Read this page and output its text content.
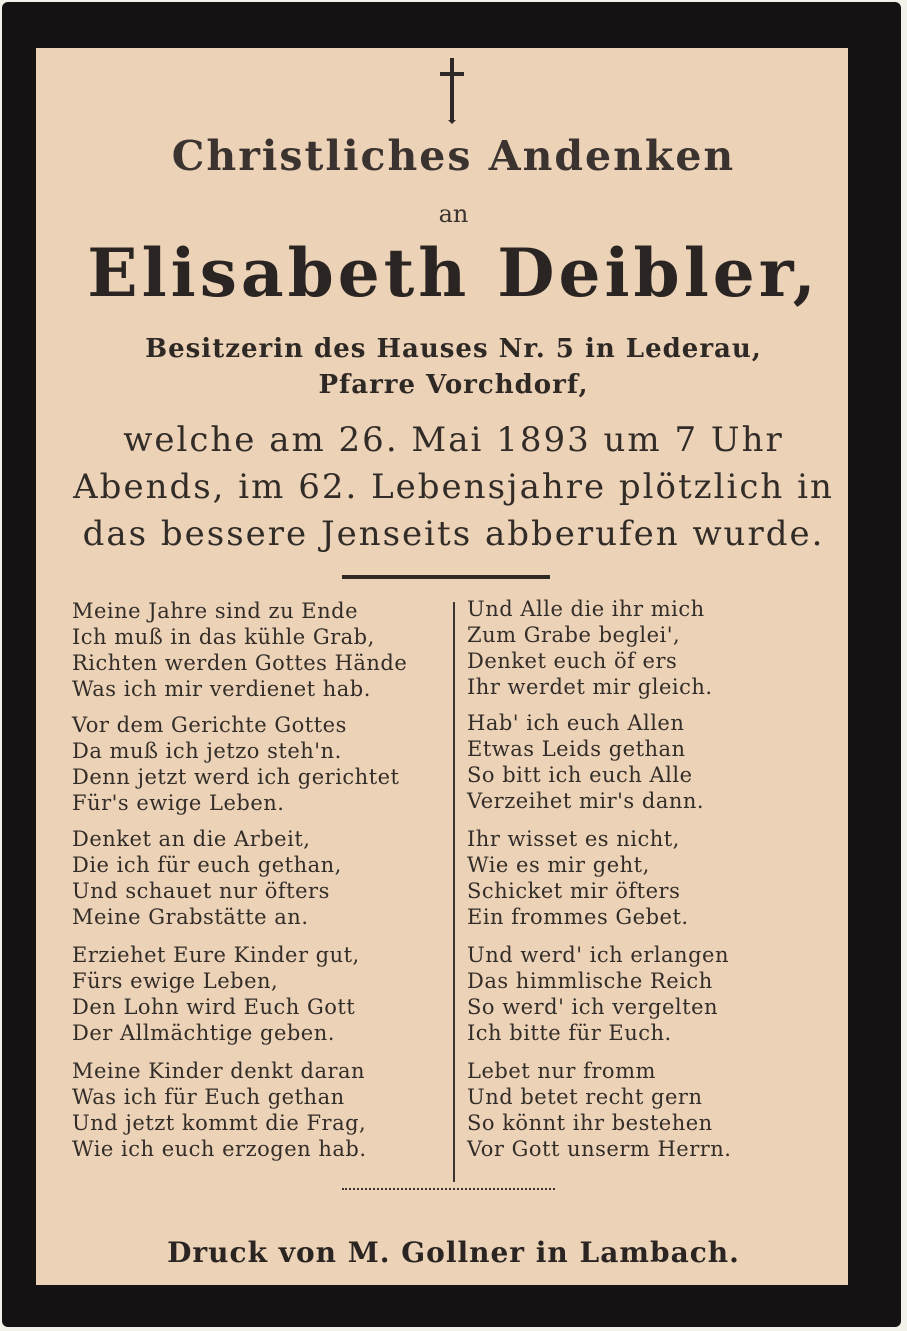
Christliches Andenken
an
Elisabeth Deibler,
Besitzerin des Hauses Nr. 5 in Lederau,
Pfarre Vorchdorf,
welche am 26. Mai 1893 um 7 Uhr
Abends, im 62. Lebensjahre plötzlich in
das bessere Jenseits abberufen wurde.
Meine Jahre sind zu Ende
Ich muß in das kühle Grab,
Richten werden Gottes Hände
Was ich mir verdienet hab.
Vor dem Gerichte Gottes
Da muß ich jetzo steh'n.
Denn jetzt werd ich gerichtet
Für's ewige Leben.
Denket an die Arbeit,
Die ich für euch gethan,
Und schauet nur öfters
Meine Grabstätte an.
Erziehet Eure Kinder gut,
Fürs ewige Leben,
Den Lohn wird Euch Gott
Der Allmächtige geben.
Meine Kinder denkt daran
Was ich für Euch gethan
Und jetzt kommt die Frag,
Wie ich euch erzogen hab.
Und Alle die ihr mich
Zum Grabe beglei',
Denket euch öf ers
Ihr werdet mir gleich.
Hab' ich euch Allen
Etwas Leids gethan
So bitt ich euch Alle
Verzeihet mir's dann.
Ihr wisset es nicht,
Wie es mir geht,
Schicket mir öfters
Ein frommes Gebet.
Und werd' ich erlangen
Das himmlische Reich
So werd' ich vergelten
Ich bitte für Euch.
Lebet nur fromm
Und betet recht gern
So könnt ihr bestehen
Vor Gott unserm Herrn.
Druck von M. Gollner in Lambach.
